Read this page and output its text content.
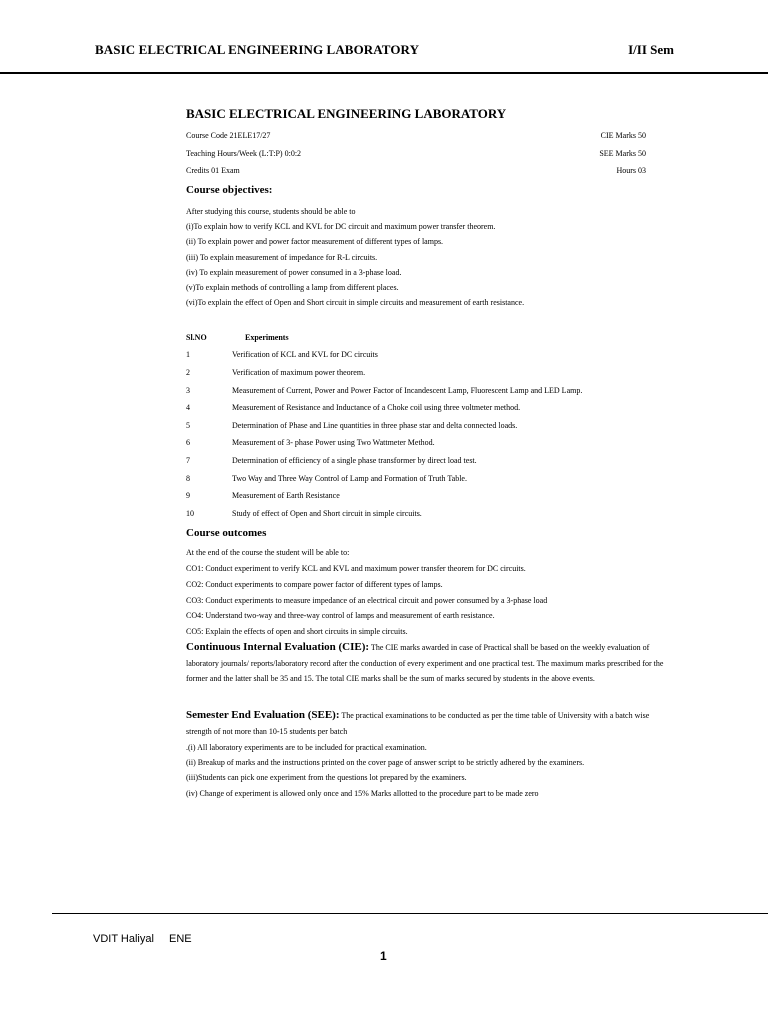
BASIC ELECTRICAL ENGINEERING LABORATORY	I/II Sem
BASIC ELECTRICAL ENGINEERING LABORATORY
Course Code 21ELE17/27	CIE Marks 50
Teaching Hours/Week (L:T:P) 0:0:2	SEE Marks 50
Credits 01 Exam	Hours 03
Course objectives:
After studying this course, students should be able to
(i)To explain how to verify KCL and KVL for DC circuit and maximum power transfer theorem.
(ii) To explain power and power factor measurement of different types of lamps.
(iii) To explain measurement of impedance for R-L circuits.
(iv) To explain measurement of power consumed in a 3-phase load.
(v)To explain methods of controlling a lamp from different places.
(vi)To explain the effect of Open and Short circuit in simple circuits and measurement of earth resistance.
Sl.NO	Experiments
1	Verification of KCL and KVL for DC circuits
2	Verification of maximum power theorem.
3	Measurement of Current, Power and Power Factor of Incandescent Lamp, Fluorescent Lamp and LED Lamp.
4	Measurement of Resistance and Inductance of a Choke coil using three voltmeter method.
5	Determination of Phase and Line quantities in three phase star and delta connected loads.
6	Measurement of 3- phase Power using Two Wattmeter Method.
7	Determination of efficiency of a single phase transformer by direct load test.
8	Two Way and Three Way Control of Lamp and Formation of Truth Table.
9	Measurement of Earth Resistance
10	Study of effect of Open and Short circuit in simple circuits.
Course outcomes
At the end of the course the student will be able to:
CO1: Conduct experiment to verify KCL and KVL and maximum power transfer theorem for DC circuits.
CO2: Conduct experiments to compare power factor of different types of lamps.
CO3: Conduct experiments to measure impedance of an electrical circuit and power consumed by a 3-phase load
CO4: Understand two-way and three-way control of lamps and measurement of earth resistance.
CO5: Explain the effects of open and short circuits in simple circuits.
Continuous Internal Evaluation (CIE): The CIE marks awarded in case of Practical shall be based on the weekly evaluation of laboratory journals/ reports/laboratory record after the conduction of every experiment and one practical test. The maximum marks prescribed for the former and the latter shall be 35 and 15. The total CIE marks shall be the sum of marks secured by students in the above events.
Semester End Evaluation (SEE): The practical examinations to be conducted as per the time table of University with a batch wise strength of not more than 10-15 students per batch
.(i) All laboratory experiments are to be included for practical examination.
(ii) Breakup of marks and the instructions printed on the cover page of answer script to be strictly adhered by the examiners.
(iii)Students can pick one experiment from the questions lot prepared by the examiners.
(iv) Change of experiment is allowed only once and 15% Marks allotted to the procedure part to be made zero
VDIT Haliyal ENE
1
